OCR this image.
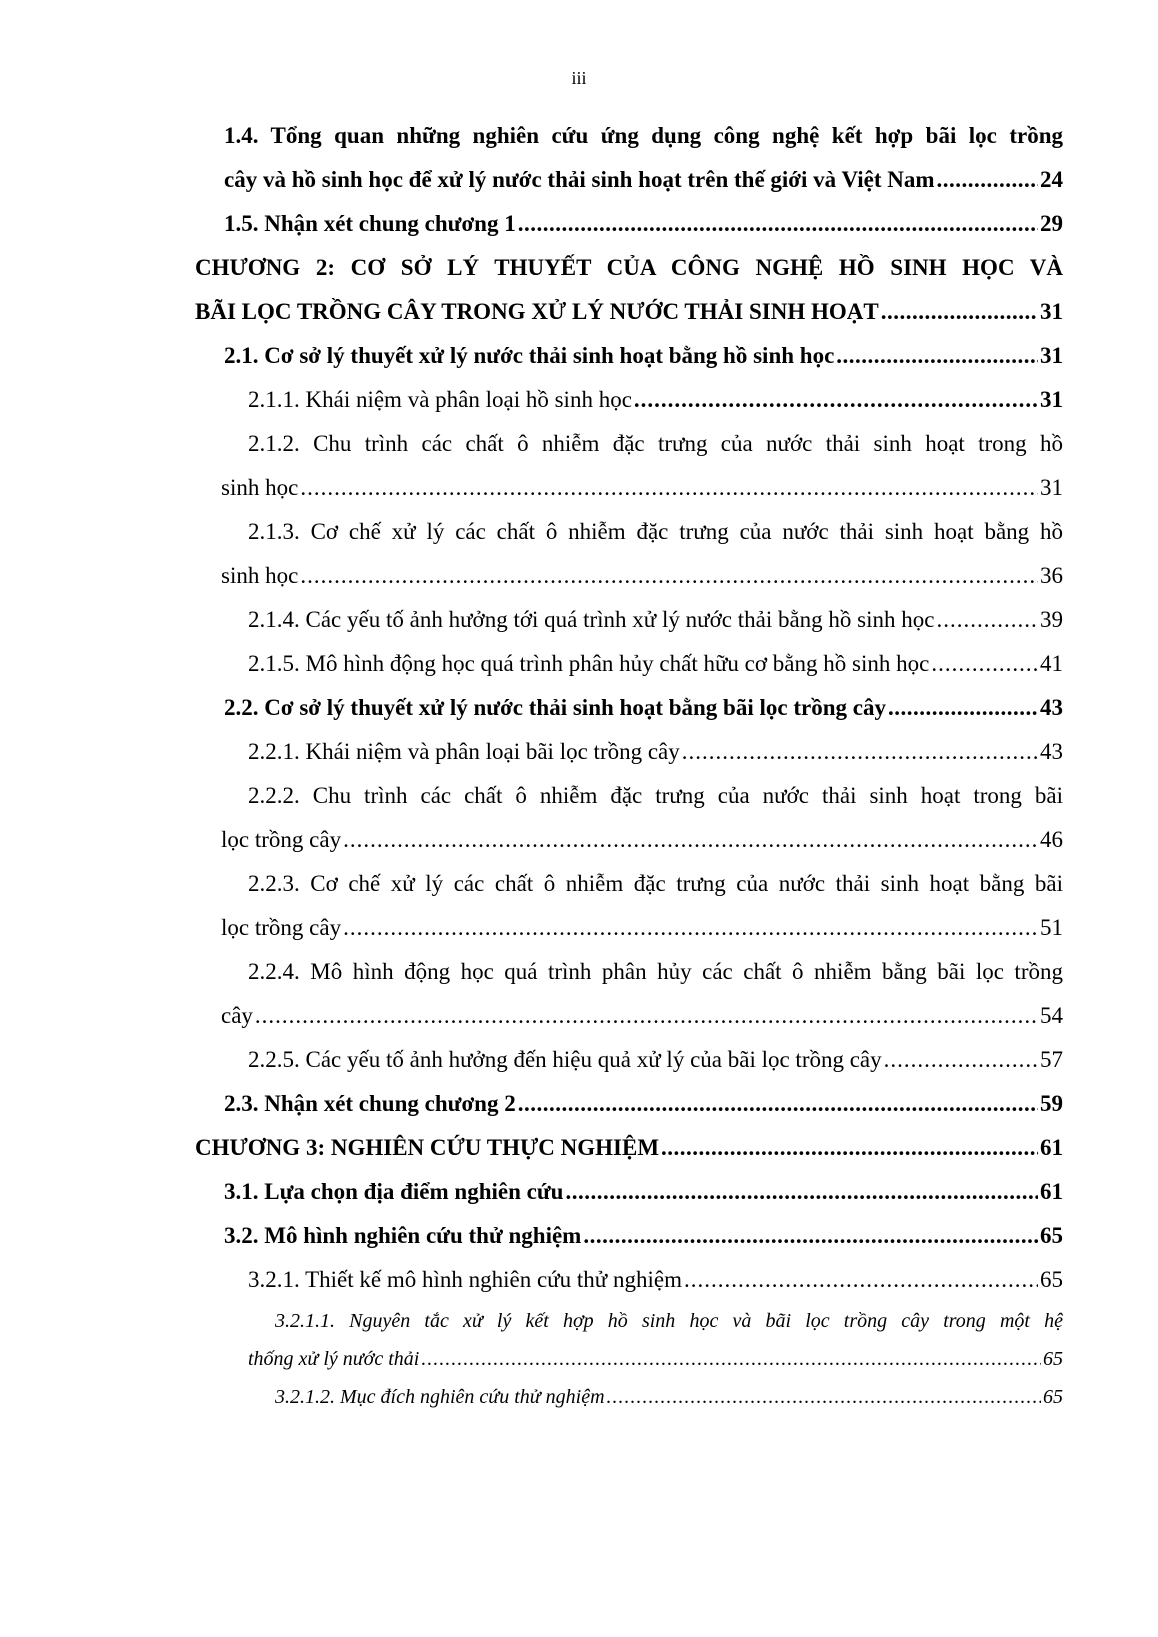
iii
1.4. Tổng quan những nghiên cứu ứng dụng công nghệ kết hợp bãi lọc trồng
cây và hồ sinh học để xử lý nước thải sinh hoạt trên thế giới và Việt Nam .....	24
1.5. Nhận xét chung chương 1 .....	29
CHƯƠNG 2: CƠ SỞ LÝ THUYẾT CỦA CÔNG NGHỆ HỒ SINH HỌC VÀ
BÃI LỌC TRỒNG CÂY TRONG XỬ LÝ NƯỚC THẢI SINH HOẠT .....	31
2.1. Cơ sở lý thuyết xử lý nước thải sinh hoạt bằng hồ sinh học .....	31
2.1.1. Khái niệm và phân loại hồ sinh học .....	31
2.1.2. Chu trình các chất ô nhiễm đặc trưng của nước thải sinh hoạt trong hồ
sinh học .....	31
2.1.3. Cơ chế xử lý các chất ô nhiễm đặc trưng của nước thải sinh hoạt bằng hồ
sinh học .....	36
2.1.4. Các yếu tố ảnh hưởng tới quá trình xử lý nước thải bằng hồ sinh học .....	39
2.1.5. Mô hình động học quá trình phân hủy chất hữu cơ bằng hồ sinh học .....	41
2.2. Cơ sở lý thuyết xử lý nước thải sinh hoạt bằng bãi lọc trồng cây .....	43
2.2.1. Khái niệm và phân loại bãi lọc trồng cây .....	43
2.2.2. Chu trình các chất ô nhiễm đặc trưng của nước thải sinh hoạt trong bãi
lọc trồng cây .....	46
2.2.3. Cơ chế xử lý các chất ô nhiễm đặc trưng của nước thải sinh hoạt bằng bãi
lọc trồng cây .....	51
2.2.4. Mô hình động học quá trình phân hủy các chất ô nhiễm bằng bãi lọc trồng
cây .....	54
2.2.5. Các yếu tố ảnh hưởng đến hiệu quả xử lý của bãi lọc trồng cây .....	57
2.3. Nhận xét chung chương 2 .....	59
CHƯƠNG 3: NGHIÊN CỨU THỰC NGHIỆM .....	61
3.1. Lựa chọn địa điểm nghiên cứu .....	61
3.2. Mô hình nghiên cứu thử nghiệm .....	65
3.2.1. Thiết kế mô hình nghiên cứu thử nghiệm .....	65
3.2.1.1. Nguyên tắc xử lý kết hợp hồ sinh học và bãi lọc trồng cây trong một hệ
thống xử lý nước thải .....	65
3.2.1.2. Mục đích nghiên cứu thử nghiệm .....	65
